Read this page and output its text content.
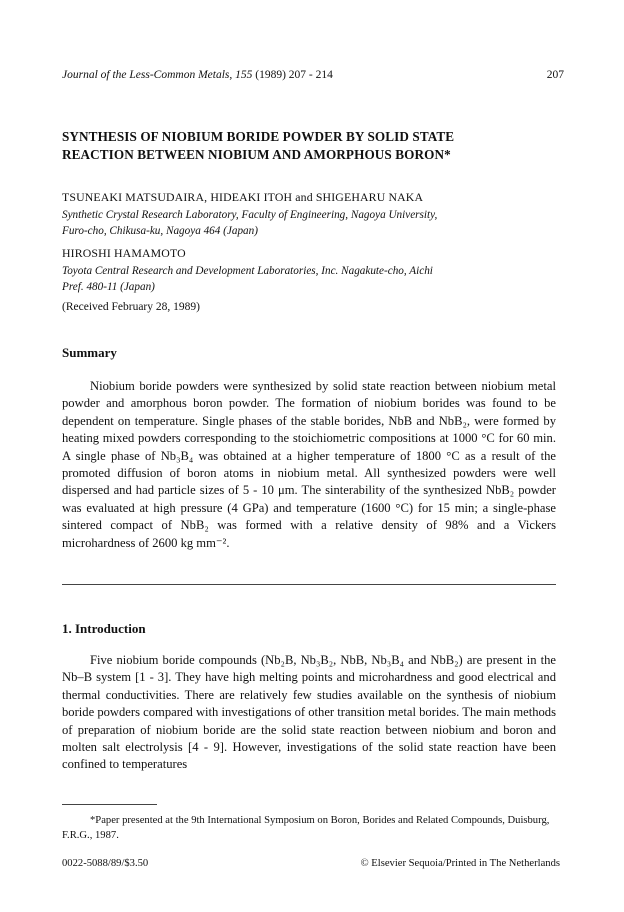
Journal of the Less-Common Metals, 155 (1989) 207 - 214	207
SYNTHESIS OF NIOBIUM BORIDE POWDER BY SOLID STATE
REACTION BETWEEN NIOBIUM AND AMORPHOUS BORON*
TSUNEAKI MATSUDAIRA, HIDEAKI ITOH and SHIGEHARU NAKA
Synthetic Crystal Research Laboratory, Faculty of Engineering, Nagoya University,
Furo-cho, Chikusa-ku, Nagoya 464 (Japan)
HIROSHI HAMAMOTO
Toyota Central Research and Development Laboratories, Inc. Nagakute-cho, Aichi
Pref. 480-11 (Japan)
(Received February 28, 1989)
Summary

Niobium boride powders were synthesized by solid state reaction between niobium metal powder and amorphous boron powder. The formation of niobium borides was found to be dependent on temperature. Single phases of the stable borides, NbB and NbB₂, were formed by heating mixed powders corresponding to the stoichiometric compositions at 1000 °C for 60 min. A single phase of Nb₃B₄ was obtained at a higher temperature of 1800 °C as a result of the promoted diffusion of boron atoms in niobium metal. All synthesized powders were well dispersed and had particle sizes of 5 - 10 μm. The sinterability of the synthesized NbB₂ powder was evaluated at high pressure (4 GPa) and temperature (1600 °C) for 15 min; a single-phase sintered compact of NbB₂ was formed with a relative density of 98% and a Vickers microhardness of 2600 kg mm⁻².

1. Introduction

Five niobium boride compounds (Nb₂B, Nb₃B₂, NbB, Nb₃B₄ and NbB₂) are present in the Nb–B system [1 - 3]. They have high melting points and microhardness and good electrical and thermal conductivities. There are relatively few studies available on the synthesis of niobium boride powders compared with investigations of other transition metal borides. The main methods of preparation of niobium boride are the solid state reaction between niobium and boron and molten salt electrolysis [4 - 9]. However, investigations of the solid state reaction have been confined to temperatures

*Paper presented at the 9th International Symposium on Boron, Borides and Related Compounds, Duisburg, F.R.G., 1987.

0022-5088/89/$3.50	© Elsevier Sequoia/Printed in The Netherlands
